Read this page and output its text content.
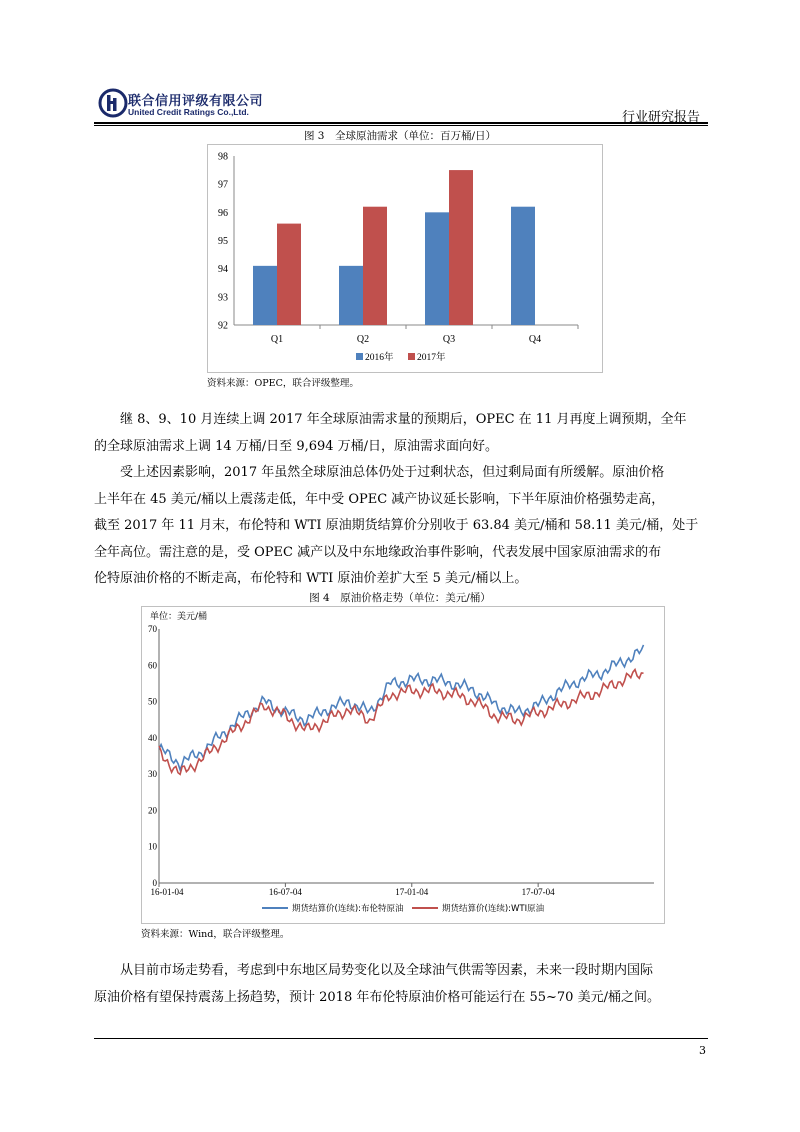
联合信用评级有限公司
United Credit Ratings Co.,Ltd.	行业研究报告
图 3　全球原油需求（单位：百万桶/日）
92
93
94
95
96
97
98
Q1	Q2	Q3	Q4
2016年 2017年
资料来源：OPEC，联合评级整理。
继 8、9、10 月连续上调 2017 年全球原油需求量的预期后，OPEC 在 11 月再度上调预期，全年
的全球原油需求上调 14 万桶/日至 9,694 万桶/日，原油需求面向好。
受上述因素影响，2017 年虽然全球原油总体仍处于过剩状态，但过剩局面有所缓解。原油价格
上半年在 45 美元/桶以上震荡走低，年中受 OPEC 减产协议延长影响，下半年原油价格强势走高，
截至 2017 年 11 月末，布伦特和 WTI 原油期货结算价分别收于 63.84 美元/桶和 58.11 美元/桶，处于
全年高位。需注意的是，受 OPEC 减产以及中东地缘政治事件影响，代表发展中国家原油需求的布
伦特原油价格的不断走高，布伦特和 WTI 原油价差扩大至 5 美元/桶以上。
图 4　原油价格走势（单位：美元/桶）
单位：美元/桶
0
10
20
30
40
50
60
70
16-01-04	16-07-04	17-01-04	17-07-04
期货结算价(连续):布伦特原油	期货结算价(连续):WTI原油
资料来源：Wind，联合评级整理。
从目前市场走势看，考虑到中东地区局势变化以及全球油气供需等因素，未来一段时期内国际
原油价格有望保持震荡上扬趋势，预计 2018 年布伦特原油价格可能运行在 55~70 美元/桶之间。
3
